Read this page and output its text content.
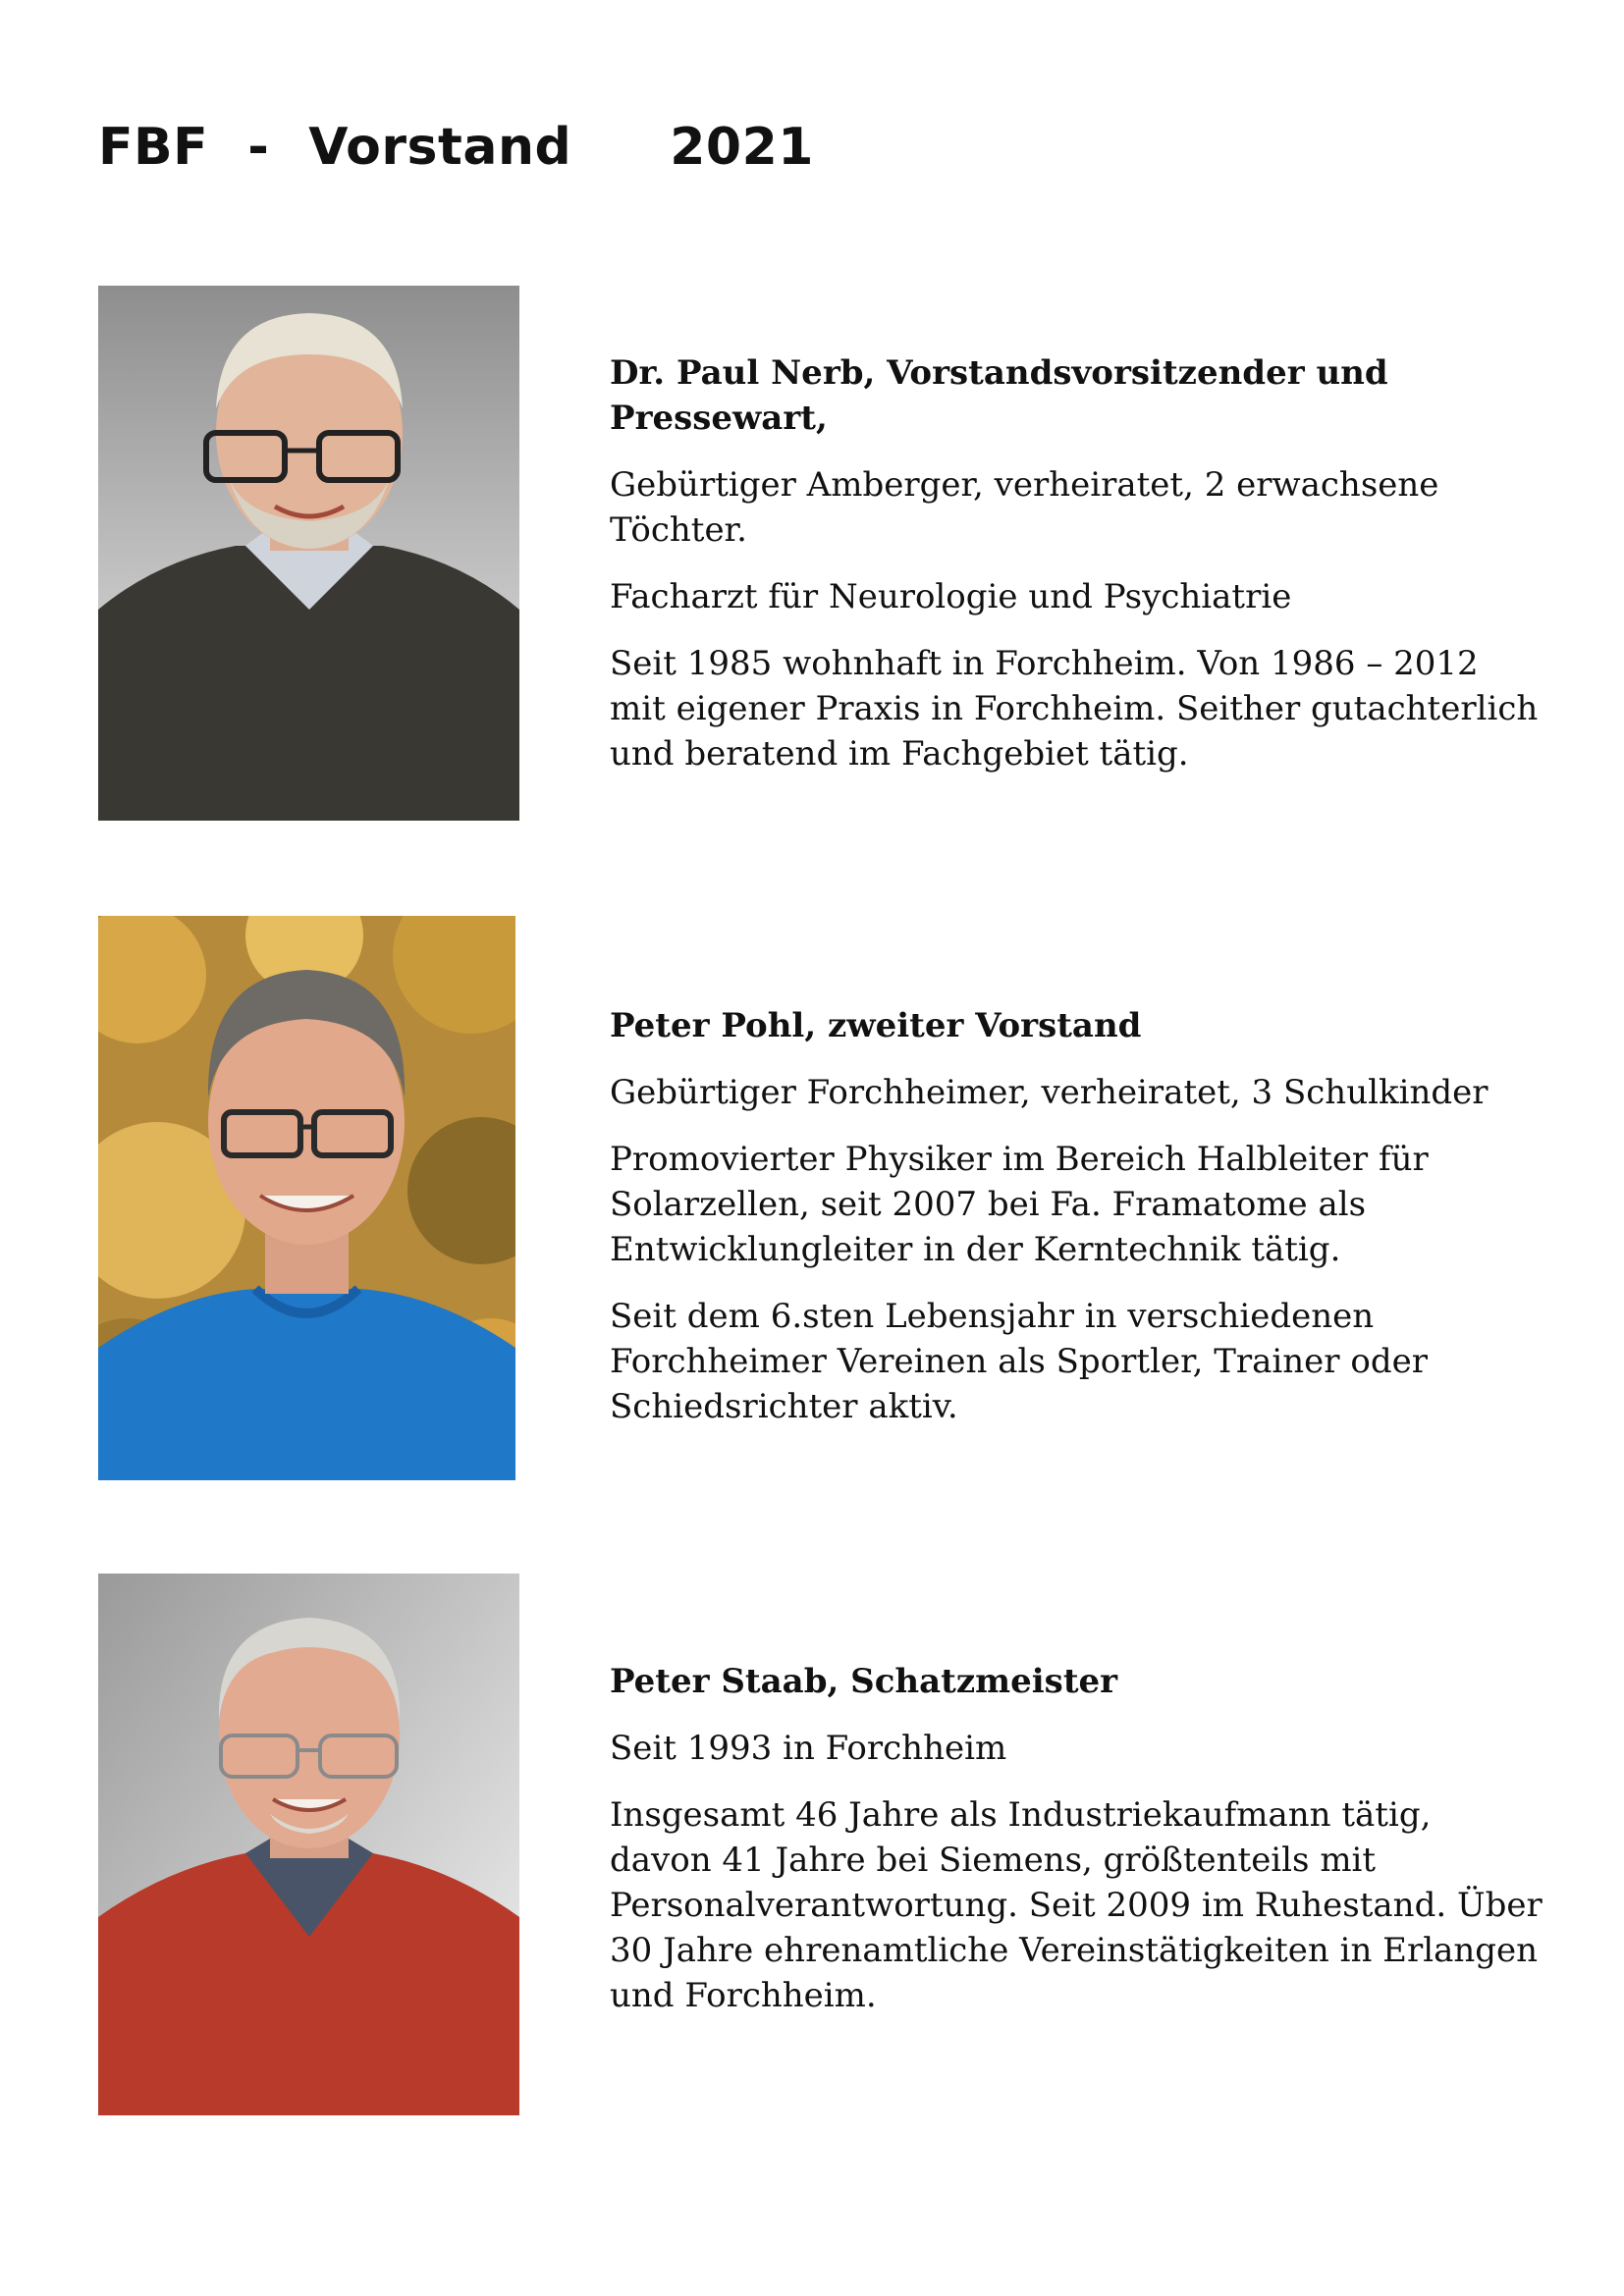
FBF - Vorstand 2021
Dr. Paul Nerb, Vorstandsvorsitzender und Pressewart,

Gebürtiger Amberger, verheiratet, 2 erwachsene Töchter.

Facharzt für Neurologie und Psychiatrie

Seit 1985 wohnhaft in Forchheim. Von 1986 – 2012 mit eigener Praxis in Forchheim. Seither gutachterlich und beratend im Fachgebiet tätig.

Peter Pohl, zweiter Vorstand

Gebürtiger Forchheimer, verheiratet, 3 Schulkinder

Promovierter Physiker im Bereich Halbleiter für Solarzellen, seit 2007 bei Fa. Framatome als Entwicklungleiter in der Kerntechnik tätig.

Seit dem 6.sten Lebensjahr in verschiedenen Forchheimer Vereinen als Sportler, Trainer oder Schiedsrichter aktiv.

Peter Staab, Schatzmeister

Seit 1993 in Forchheim

Insgesamt 46 Jahre als Industriekaufmann tätig, davon 41 Jahre bei Siemens, größtenteils mit Personalverantwortung. Seit 2009 im Ruhestand. Über 30 Jahre ehrenamtliche Vereinstätigkeiten in Erlangen und Forchheim.
